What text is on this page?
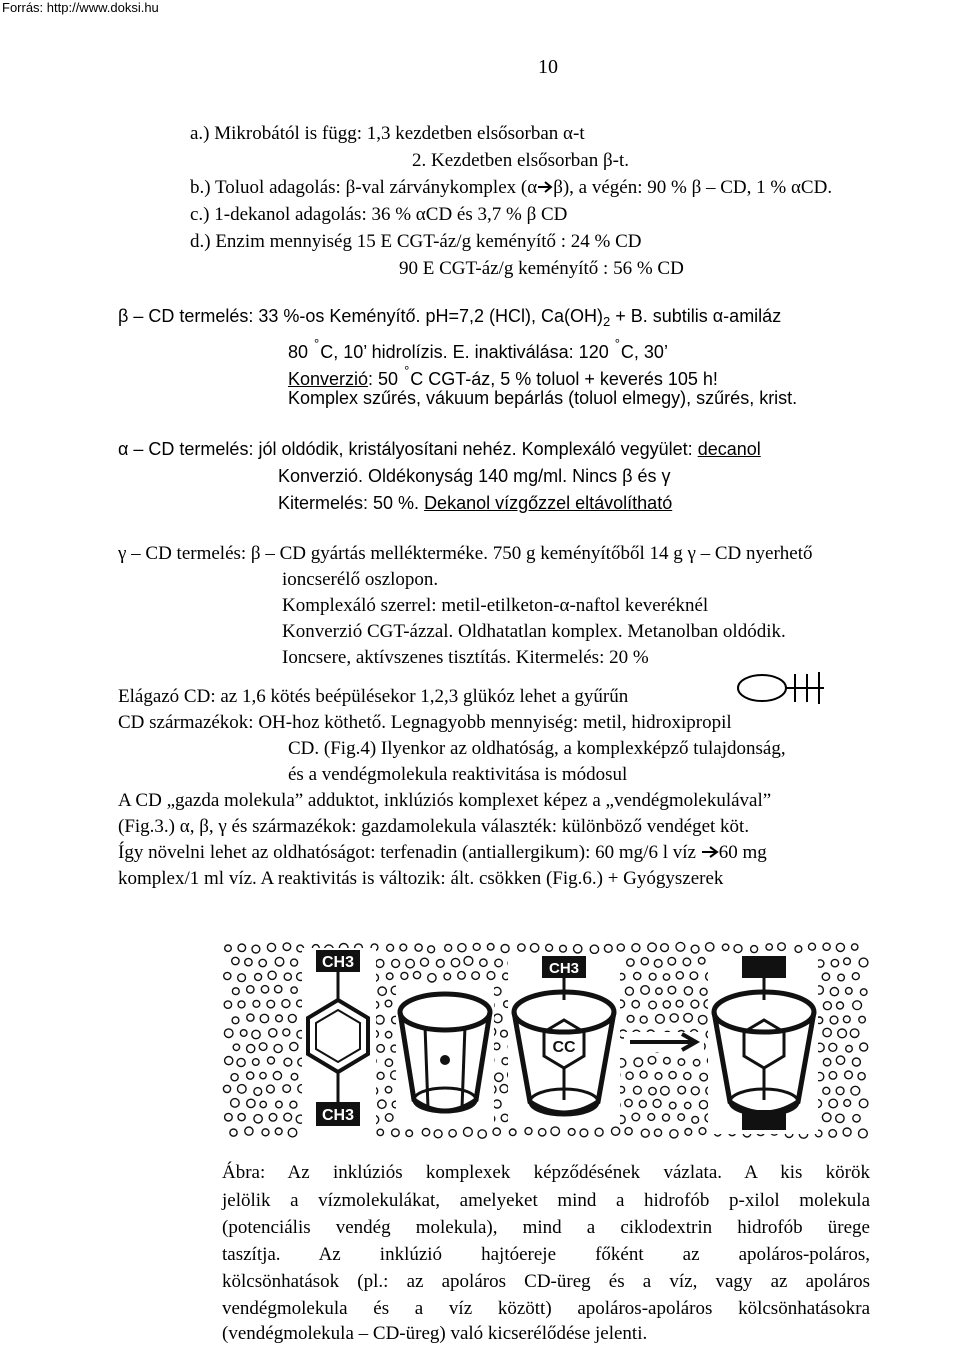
Forrás: http://www.doksi.hu
10
a.) Mikrobától is függ: 1,3 kezdetben elsősorban α-t
2. Kezdetben elsősorban β-t.
b.) Toluol adagolás: β-val zárványkomplex (α β), a végén: 90 % β – CD, 1 % αCD.
c.) 1-dekanol adagolás: 36 % αCD és 3,7 % β CD
d.) Enzim mennyiség 15 E CGT-áz/g keményítő : 24 % CD
90 E CGT-áz/g keményítő : 56 % CD
β – CD termelés: 33 %-os Keményítő. pH=7,2 (HCl), $Ca(OH)_2 + B$. subtilis α-amiláz
80 °C, 10’ hidrolízis. E. inaktiválása: 120 °C, 30’
Konverzió: 50 °C CGT-áz, 5 % toluol + keverés 105 h!
Komplex szűrés, vákuum bepárlás (toluol elmegy), szűrés, krist.
α – CD termelés: jól oldódik, kristályosítani nehéz. Komplexáló vegyület: decanol
Konverzió. Oldékonyság 140 mg/ml. Nincs β és γ
Kitermelés: 50 %. Dekanol vízgőzzel eltávolítható
γ – CD termelés: β – CD gyártás mellékterméke. 750 g keményítőből 14 g γ – CD nyerhető
ioncserélő oszlopon.
Komplexáló szerrel: metil-etilketon-α-naftol keveréknél
Konverzió CGT-ázzal. Oldhatatlan komplex. Metanolban oldódik.
Ioncsere, aktívszenes tisztítás. Kitermelés: 20 %
Elágazó CD: az 1,6 kötés beépülésekor 1,2,3 glükóz lehet a gyűrűn
CD származékok: OH-hoz köthető. Legnagyobb mennyiség: metil, hidroxipropil
CD. (Fig.4) Ilyenkor az oldhatóság, a komplexképző tulajdonság,
és a vendégmolekula reaktivitása is módosul
A CD „gazda molekula” adduktot, inklúziós komplexet képez a „vendégmolekulával”
(Fig.3.) α, β, γ és származékok: gazdamolekula választék: különböző vendéget köt.
Így növelni lehet az oldhatóságot: terfenadin (antiallergikum): 60 mg/6 l víz 60 mg
komplex/1 ml víz. A reaktivitás is változik: ált. csökken (Fig.6.) + Gyógyszerek
CH3
CH3
CH3
CC
Ábra: Az inklúziós komplexek képződésének vázlata. A kis körök
jelölik a vízmolekulákat, amelyeket mind a hidrofób p-xilol molekula
(potenciális vendég molekula), mind a ciklodextrin hidrofób ürege
taszítja. Az inklúzió hajtóereje főként az apoláros-poláros,
kölcsönhatások (pl.: az apoláros CD-üreg és a víz, vagy az apoláros
vendégmolekula és a víz között) apoláros-apoláros kölcsönhatásokra
(vendégmolekula – CD-üreg) való kicserélődése jelenti.
